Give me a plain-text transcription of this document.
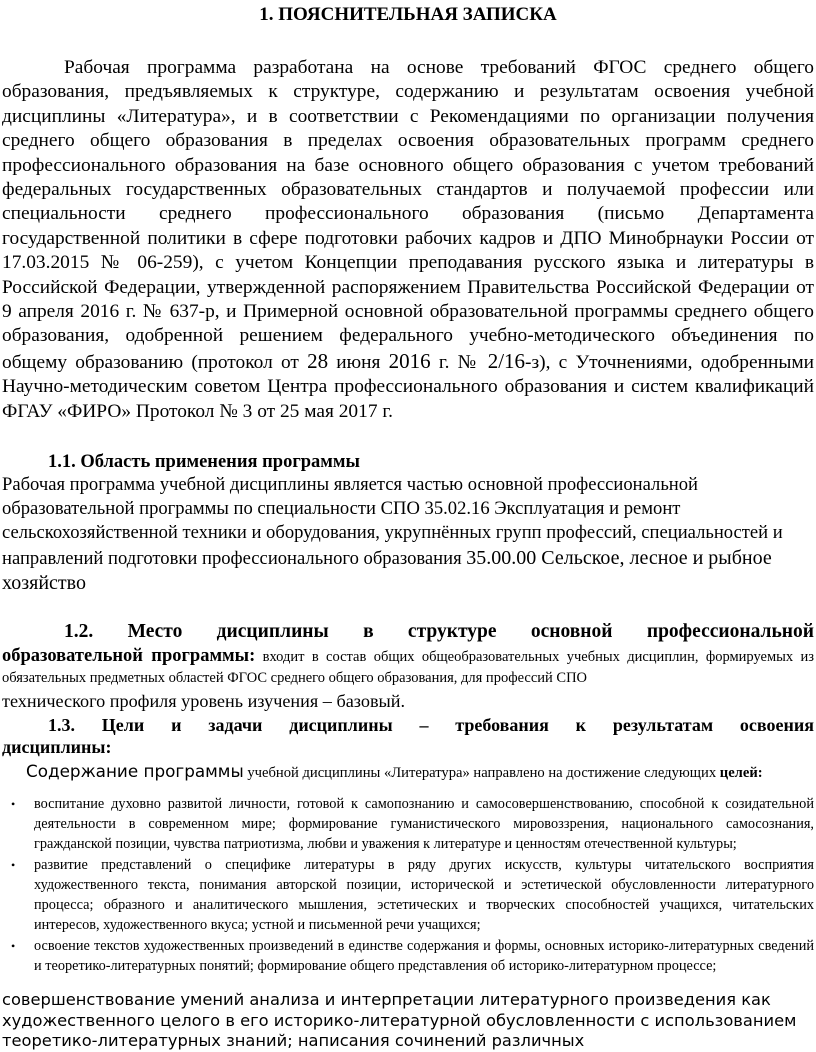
1. ПОЯСНИТЕЛЬНАЯ ЗАПИСКА
Рабочая программа разработана на основе требований ФГОС среднего общего образования, предъявляемых к структуре, содержанию и результатам освоения учебной дисциплины «Литература», и в соответствии с Рекомендациями по организации получения среднего общего образования в пределах освоения образовательных программ среднего профессионального образования на базе основного общего образования с учетом требований федеральных государственных образовательных стандартов и получаемой профессии или специальности среднего профессионального образования (письмо Департамента государственной политики в сфере подготовки рабочих кадров и ДПО Минобрнауки России от 17.03.2015 № 06-259), с учетом Концепции преподавания русского языка и литературы в Российской Федерации, утвержденной распоряжением Правительства Российской Федерации от 9 апреля 2016 г. № 637-р, и Примерной основной образовательной программы среднего общего образования, одобренной решением федерального учебно-методического объединения по общему образованию (протокол от 28 июня 2016 г. № 2/16-з), с Уточнениями, одобренными Научно-методическим советом Центра профессионального образования и систем квалификаций ФГАУ «ФИРО» Протокол № 3 от 25 мая 2017 г.
1.1. Область применения программы
Рабочая программа учебной дисциплины является частью основной профессиональной образовательной программы по специальности СПО 35.02.16 Эксплуатация и ремонт сельскохозяйственной техники и оборудования, укрупнённых групп профессий, специальностей и направлений подготовки профессионального образования 35.00.00 Сельское, лесное и рыбное хозяйство
1.2. Место дисциплины в структуре основной профессиональной
образовательной программы: входит в состав общих общеобразовательных учебных дисциплин, формируемых из обязательных предметных областей ФГОС среднего общего образования, для профессий СПО
технического профиля уровень изучения – базовый.
1.3. Цели и задачи дисциплины – требования к результатам освоения
дисциплины:
Содержание программы учебной дисциплины «Литература» направлено на достижение следующих целей:
• воспитание духовно развитой личности, готовой к самопознанию и самосовершенствованию, способной к созидательной деятельности в современном мире; формирование гуманистического мировоззрения, национального самосознания, гражданской позиции, чувства патриотизма, любви и уважения к литературе и ценностям отечественной культуры;
• развитие представлений о специфике литературы в ряду других искусств, культуры читательского восприятия художественного текста, понимания авторской позиции, исторической и эстетической обусловленности литературного процесса; образного и аналитического мышления, эстетических и творческих способностей учащихся, читательских интересов, художественного вкуса; устной и письменной речи учащихся;
• освоение текстов художественных произведений в единстве содержания и формы, основных историко-литературных сведений и теоретико-литературных понятий; формирование общего представления об историко-литературном процессе;
совершенствование умений анализа и интерпретации литературного произведения как художественного целого в его историко-литературной обусловленности с использованием теоретико-литературных знаний; написания сочинений различных
